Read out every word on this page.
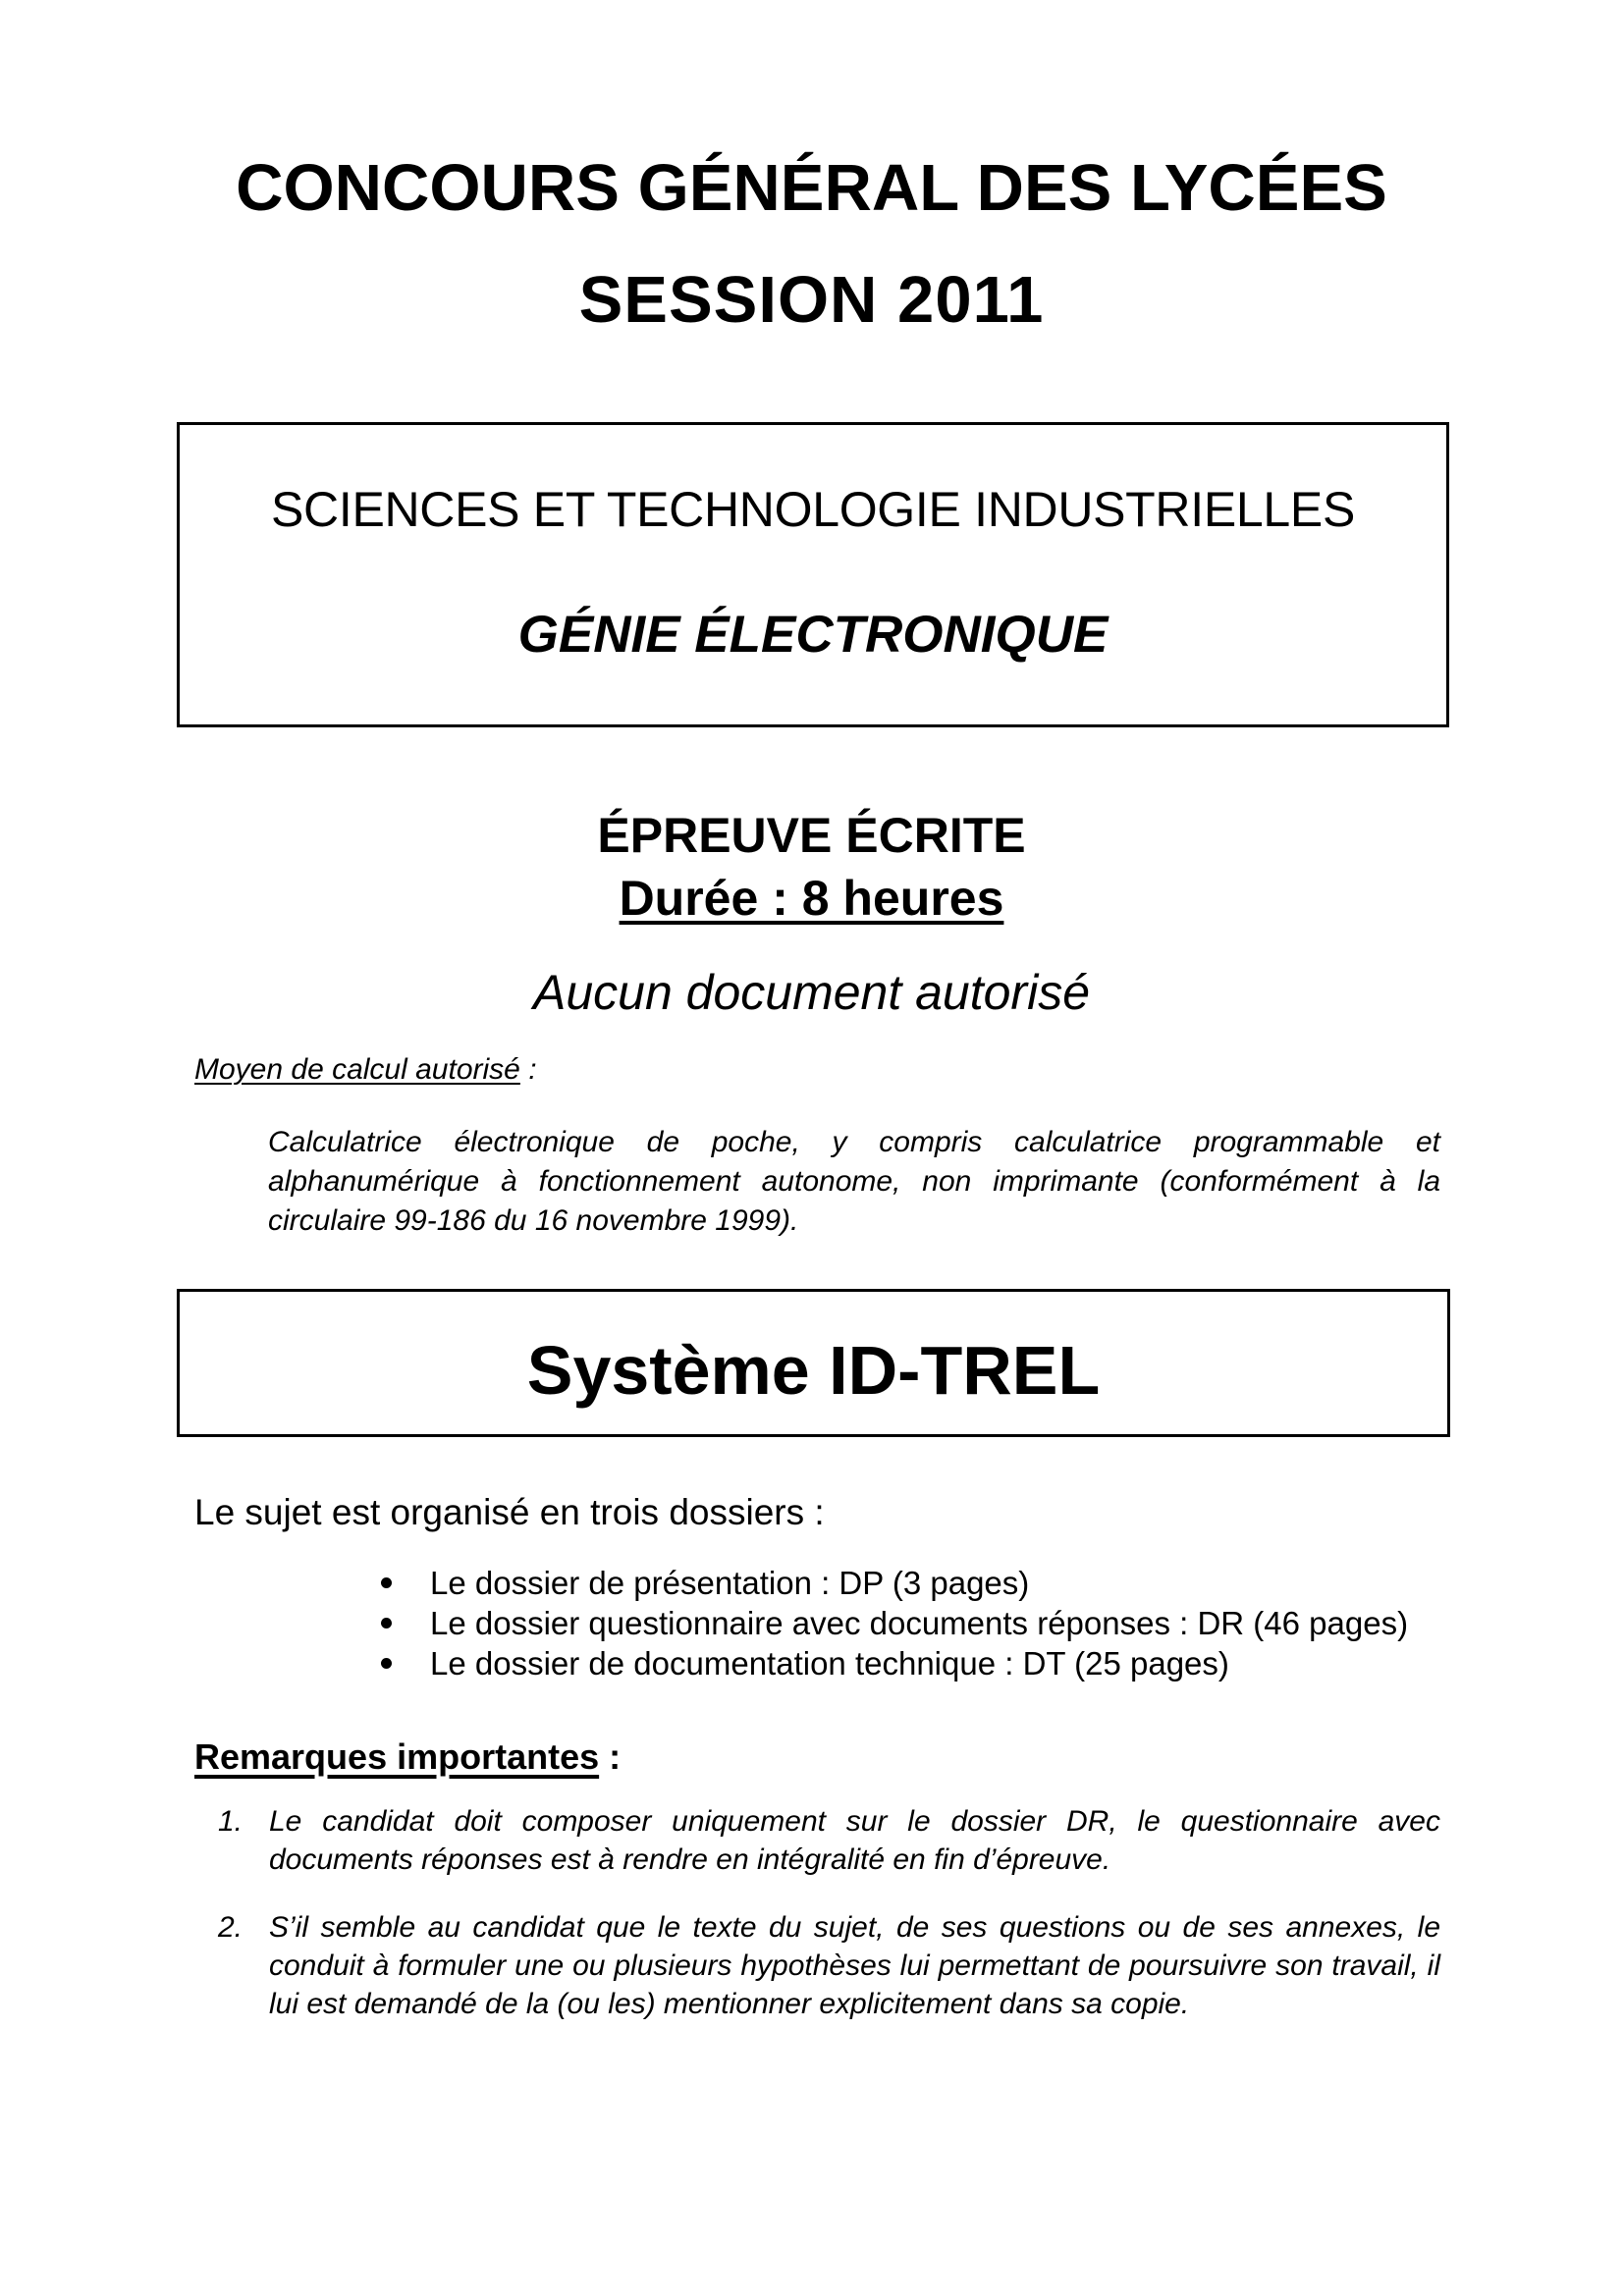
CONCOURS GÉNÉRAL DES LYCÉES
SESSION 2011
SCIENCES ET TECHNOLOGIE INDUSTRIELLES
GÉNIE ÉLECTRONIQUE
ÉPREUVE ÉCRITE
Durée : 8 heures
Aucun document autorisé
Moyen de calcul autorisé :
Calculatrice électronique de poche, y compris calculatrice programmable et alphanumérique à fonctionnement autonome, non imprimante (conformément à la circulaire 99-186 du 16 novembre 1999).
Système ID-TREL
Le sujet est organisé en trois dossiers :
Le dossier de présentation : DP (3 pages)
Le dossier questionnaire avec documents réponses : DR (46 pages)
Le dossier de documentation technique : DT (25 pages)
Remarques importantes :
1. Le candidat doit composer uniquement sur le dossier DR, le questionnaire avec documents réponses est à rendre en intégralité en fin d’épreuve.
2. S’il semble au candidat que le texte du sujet, de ses questions ou de ses annexes, le conduit à formuler une ou plusieurs hypothèses lui permettant de poursuivre son travail, il lui est demandé de la (ou les) mentionner explicitement dans sa copie.
